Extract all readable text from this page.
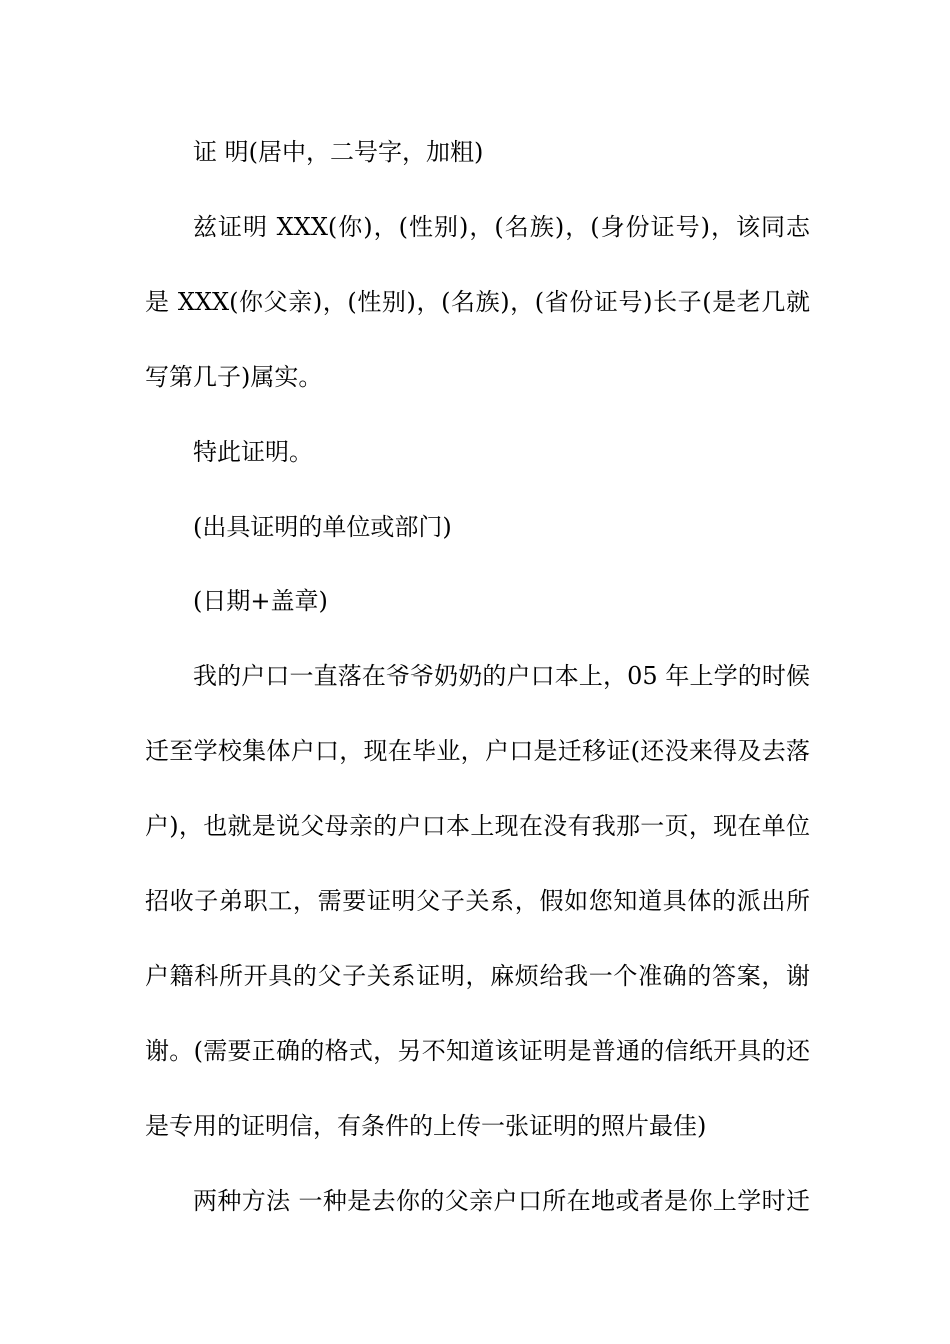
证 明(居中，二号字，加粗)
兹证明 XXX(你)，(性别)，(名族)，(身份证号)，该同志
是 XXX(你父亲)，(性别)，(名族)，(省份证号)长子(是老几就
写第几子)属实。
特此证明。
(出具证明的单位或部门)
(日期+盖章)
我的户口一直落在爷爷奶奶的户口本上，05 年上学的时候
迁至学校集体户口，现在毕业，户口是迁移证(还没来得及去落
户)，也就是说父母亲的户口本上现在没有我那一页，现在单位
招收子弟职工，需要证明父子关系，假如您知道具体的派出所
户籍科所开具的父子关系证明，麻烦给我一个准确的答案，谢
谢。(需要正确的格式，另不知道该证明是普通的信纸开具的还
是专用的证明信，有条件的上传一张证明的照片最佳)
两种方法 一种是去你的父亲户口所在地或者是你上学时迁
